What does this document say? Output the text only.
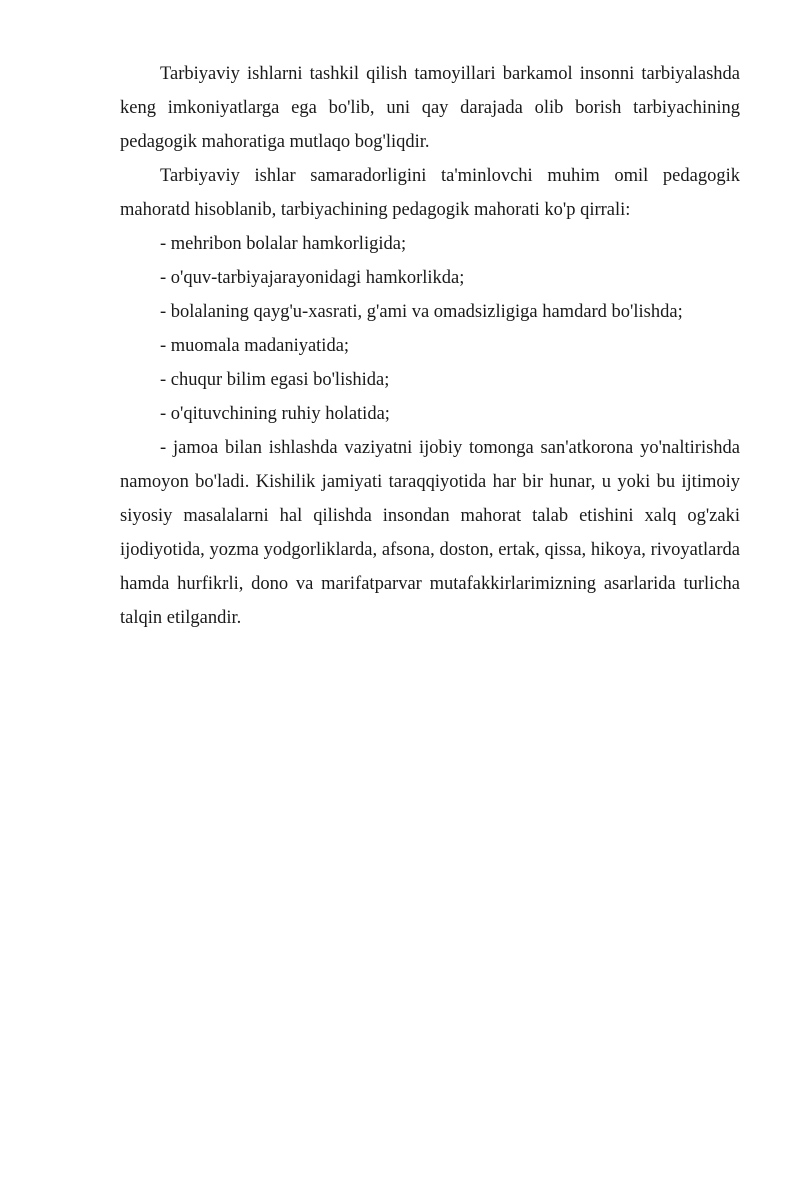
Tarbiyaviy ishlarni tashkil qilish tamoyillari barkamol insonni tarbiyalashda keng imkoniyatlarga ega bo'lib, uni qay darajada olib borish tarbiyachining pedagogik mahoratiga mutlaqo bog'liqdir.

Tarbiyaviy ishlar samaradorligini ta'minlovchi muhim omil pedagogik mahoratd hisoblanib, tarbiyachining pedagogik mahorati ko'p qirrali:

- mehribon bolalar hamkorligida;

- o'quv-tarbiyajarayonidagi hamkorlikda;

- bolalaning qayg'u-xasrati, g'ami va omadsizligiga hamdard bo'lishda;

- muomala madaniyatida;

- chuqur bilim egasi bo'lishida;

- o'qituvchining ruhiy holatida;

- jamoa bilan ishlashda vaziyatni ijobiy tomonga san'atkorona yo'naltirishda namoyon bo'ladi. Kishilik jamiyati taraqqiyotida har bir hunar, u yoki bu ijtimoiy siyosiy masalalarni hal qilishda insondan mahorat talab etishini xalq og'zaki ijodiyotida, yozma yodgorliklarda, afsona, doston, ertak, qissa, hikoya, rivoyatlarda hamda hurfikrli, dono va marifatparvar mutafakkirlarimizning asarlarida turlicha talqin etilgandir.
